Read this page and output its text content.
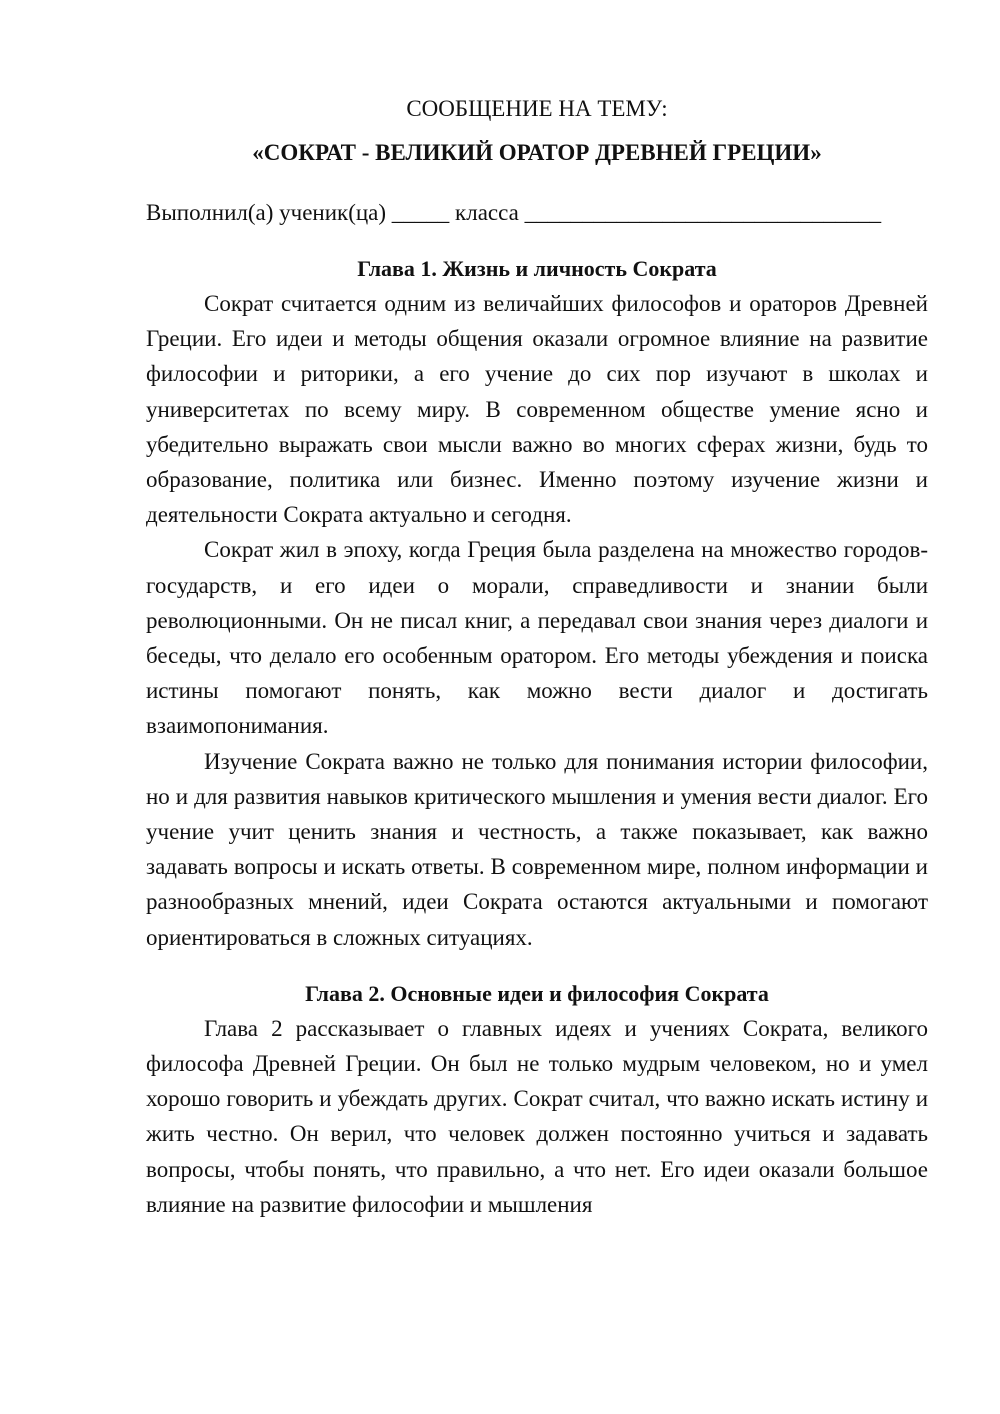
СООБЩЕНИЕ НА ТЕМУ:
«СОКРАТ - ВЕЛИКИЙ ОРАТОР ДРЕВНЕЙ ГРЕЦИИ»
Выполнил(а) ученик(ца) _____ класса _______________________________
Глава 1. Жизнь и личность Сократа

Сократ считается одним из величайших философов и ораторов Древней Греции. Его идеи и методы общения оказали огромное влияние на развитие философии и риторики, а его учение до сих пор изучают в школах и университетах по всему миру. В современном обществе умение ясно и убедительно выражать свои мысли важно во многих сферах жизни, будь то образование, политика или бизнес. Именно поэтому изучение жизни и деятельности Сократа актуально и сегодня.

Сократ жил в эпоху, когда Греция была разделена на множество городов-государств, и его идеи о морали, справедливости и знании были революционными. Он не писал книг, а передавал свои знания через диалоги и беседы, что делало его особенным оратором. Его методы убеждения и поиска истины помогают понять, как можно вести диалог и достигать взаимопонимания.

Изучение Сократа важно не только для понимания истории философии, но и для развития навыков критического мышления и умения вести диалог. Его учение учит ценить знания и честность, а также показывает, как важно задавать вопросы и искать ответы. В современном мире, полном информации и разнообразных мнений, идеи Сократа остаются актуальными и помогают ориентироваться в сложных ситуациях.

Глава 2. Основные идеи и философия Сократа

Глава 2 рассказывает о главных идеях и учениях Сократа, великого философа Древней Греции. Он был не только мудрым человеком, но и умел хорошо говорить и убеждать других. Сократ считал, что важно искать истину и жить честно. Он верил, что человек должен постоянно учиться и задавать вопросы, чтобы понять, что правильно, а что нет. Его идеи оказали большое влияние на развитие философии и мышления
